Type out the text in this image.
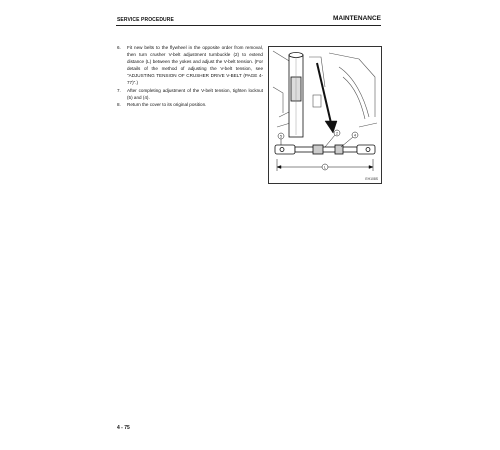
SERVICE PROCEDURE	MAINTENANCE
6. Fit new belts to the flywheel in the opposite order from removal, then turn crusher V-belt adjustment turnbuckle (2) to extend distance (L) between the yokes and adjust the V-belt tension. (For details of the method of adjusting the V-belt tension, see "ADJUSTING TENSION OF CRUSHER DRIVE V-BELT (PAGE 4-77)".)
7. After completing adjustment of the V-belt tension, tighten locknut (5) and (4).
8. Return the cover to its original position.
2	4
5
L
EH108S
4 - 75
